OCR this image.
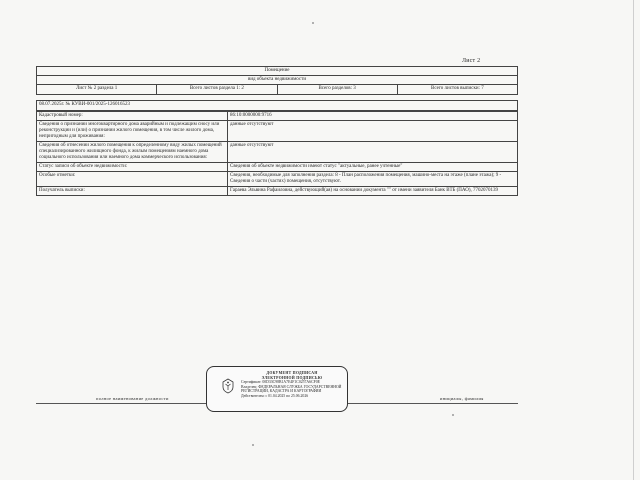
Лист 2
Помещение
вид объекта недвижимости
Лист № 2 раздела 1	Всего листов раздела 1: 2	Всего разделов: 3	Всего листов выписки: 7

08.07.2025г. № КУВИ-001/2025-126016523
Кадастровый номер:	86:10:0000000:9716
Сведения о признании многоквартирного дома аварийным и подлежащим сносу или реконструкции и (или) о признании жилого помещения, в том числе жилого дома, непригодным для проживания:	данные отсутствуют
Сведения об отнесении жилого помещения к определенному виду жилых помещений специализированного жилищного фонда, к жилым помещениям наемного дома социального использования или наемного дома коммерческого использования:	данные отсутствуют
Статус записи об объекте недвижимости:	Сведения об объекте недвижимости имеют статус "актуальные, ранее учтенные"
Особые отметки:	Сведения, необходимые для заполнения раздела: 8 - План расположения помещения, машино-места на этаже (плане этажа); 9 - Сведения о части (частях) помещения, отсутствуют.
Получатель выписки:	Гараева Эльвина Рафаиловна, действующий(ая) на основании документа "" от имени заявителя Банк ВТБ (ПАО), 7702070139
полное наименование должности	инициалы, фамилия
ДОКУМЕНТ ПОДПИСАН
ЭЛЕКТРОННОЙ ПОДПИСЬЮ
Сертификат: 00D33C98B1A7E4F1C0257A6CF0E
Владелец: ФЕДЕРАЛЬНАЯ СЛУЖБА ГОСУДАРСТВЕННОЙ
РЕГИСТРАЦИИ, КАДАСТРА И КАРТОГРАФИИ
Действителен: с 01.04.2025 по 25.06.2026
